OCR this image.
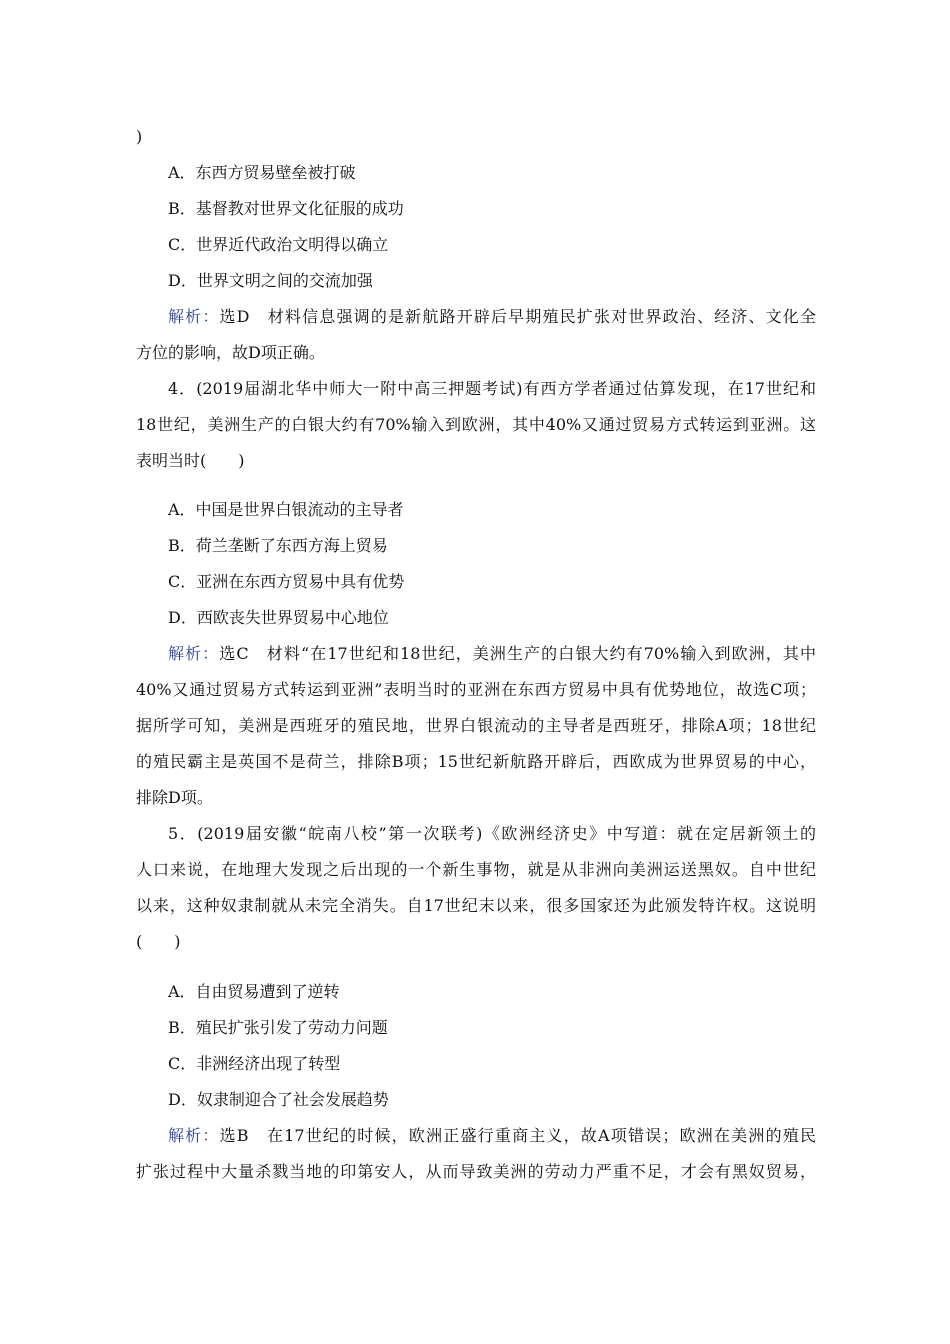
)
A．东西方贸易壁垒被打破
B．基督教对世界文化征服的成功
C．世界近代政治文明得以确立
D．世界文明之间的交流加强
解析：选D　材料信息强调的是新航路开辟后早期殖民扩张对世界政治、经济、文化全
方位的影响，故D项正确。
4．(2019届湖北华中师大一附中高三押题考试)有西方学者通过估算发现，在17世纪和
18世纪，美洲生产的白银大约有70%输入到欧洲，其中40%又通过贸易方式转运到亚洲。这
表明当时(　　)
A．中国是世界白银流动的主导者
B．荷兰垄断了东西方海上贸易
C．亚洲在东西方贸易中具有优势
D．西欧丧失世界贸易中心地位
解析：选C　材料“在17世纪和18世纪，美洲生产的白银大约有70%输入到欧洲，其中
40%又通过贸易方式转运到亚洲”表明当时的亚洲在东西方贸易中具有优势地位，故选C项；
据所学可知，美洲是西班牙的殖民地，世界白银流动的主导者是西班牙，排除A项；18世纪
的殖民霸主是英国不是荷兰，排除B项；15世纪新航路开辟后，西欧成为世界贸易的中心，
排除D项。
5．(2019届安徽“皖南八校”第一次联考)《欧洲经济史》中写道：就在定居新领土的
人口来说，在地理大发现之后出现的一个新生事物，就是从非洲向美洲运送黑奴。自中世纪
以来，这种奴隶制就从未完全消失。自17世纪末以来，很多国家还为此颁发特许权。这说明
(　　)
A．自由贸易遭到了逆转
B．殖民扩张引发了劳动力问题
C．非洲经济出现了转型
D．奴隶制迎合了社会发展趋势
解析：选B　在17世纪的时候，欧洲正盛行重商主义，故A项错误；欧洲在美洲的殖民
扩张过程中大量杀戮当地的印第安人，从而导致美洲的劳动力严重不足，才会有黑奴贸易，
